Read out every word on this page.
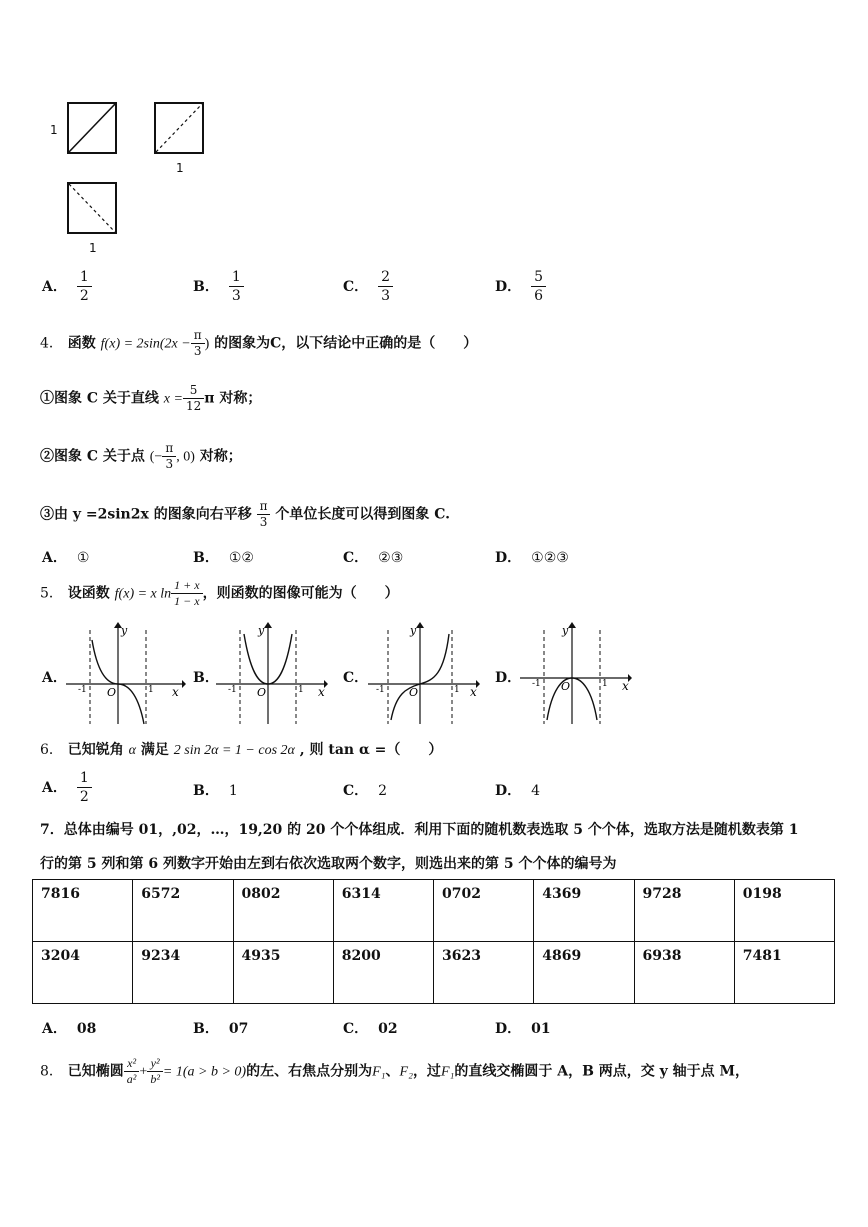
1
1
1
A． $\frac{1}{2}$	B． $\frac{1}{3}$	C． $\frac{2}{3}$	D． $\frac{5}{6}$
4． 函数 $f(x) = 2\sin(2x - \frac{\pi}{3}$ ) 的图象为C，以下结论中正确的是（　　）
①图象 C 关于直线 $x = \frac{5}{12}$ π 对称；
②图象 C 关于点 (− $\frac{\pi}{3}$ , 0) 对称；
③由 y =2sin2x 的图象向右平移 $\frac{\pi}{3}$ 个单位长度可以得到图象 C.
A． ①	B． ①②	C． ②③	D． ①②③
5． 设函数 f(x) = x $\ln \frac{1 + x}{1 - x}$ ，则函数的图像可能为（　　）
A．	B．	C．	D．
y
x
O
-1	1
y
x
O
-1	1
y
x
O
-1	1
y
x
O
-1	1
6． 已知锐角 α 满足 2 sin 2α = 1 − cos 2α , 则 tan α =（　　）
A． $\frac{1}{2}$	B． 1	C． 2	D． 4
7．总体由编号 01，,02，…，19,20 的 20 个个体组成．利用下面的随机数表选取 5 个个体，选取方法是随机数表第 1
行的第 5 列和第 6 列数字开始由左到右依次选取两个数字，则选出来的第 5 个个体的编号为
7816	6572	0802	6314	0702	4369	9728	0198
3204	9234	4935	8200	3623	4869	6938	7481
A． 08	B． 07	C． 02	D． 01
8． 已知椭圆 $\frac{\text{x²}}{\text{a²}} + \frac{\text{y²}}{\text{b²}} = 1(a > b > 0)$的左、右焦点分别为F₁、F₂，过F₁的直线交椭圆于 A，B 两点，交 y 轴于点 M，
